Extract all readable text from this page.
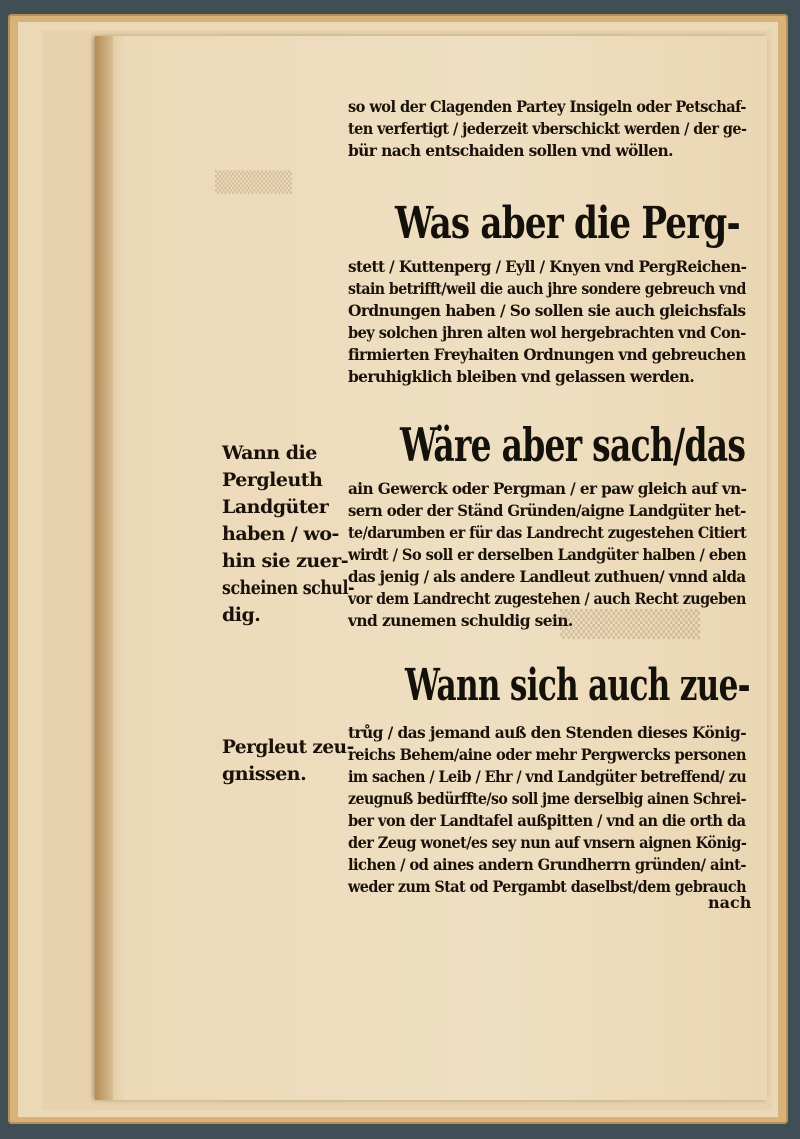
▒▒▒▒▒
▒▒▒▒▒▒▒
so wol der Clagenden Partey Insigeln oder Petschaf-
ten verfertigt / jederzeit vberschickt werden / der ge-
bür nach entschaiden sollen vnd wöllen.
Was aber die Perg-
stett / Kuttenperg / Eyll / Knyen vnd PergReichen-
stain betrifft/weil die auch jhre sondere gebreuch vnd
Ordnungen haben / So sollen sie auch gleichsfals
bey solchen jhren alten wol hergebrachten vnd Con-
firmierten Freyhaiten Ordnungen vnd gebreuchen
beruhigklich bleiben vnd gelassen werden.
Wann die
Pergleuth
Landgüter
haben / wo-
hin sie zuer-
scheinen schul-
dig.
Wäre aber sach/das
ain Gewerck oder Pergman / er paw gleich auf vn-
sern oder der Ständ Gründen/aigne Landgüter het-
te/darumben er für das Landrecht zugestehen Citiert
wirdt / So soll er derselben Landgüter halben / eben
das jenig / als andere Landleut zuthuen/ vnnd alda
vor dem Landrecht zugestehen / auch Recht zugeben
vnd zunemen schuldig sein.
Wann sich auch zue-
Pergleut zeu-
gnissen.
trůg / das jemand auß den Stenden dieses König-
reichs Behem/aine oder mehr Pergwercks personen
im sachen / Leib / Ehr / vnd Landgüter betreffend/ zu
zeugnuß bedürffte/so soll jme derselbig ainen Schrei-
ber von der Landtafel außpitten / vnd an die orth da
der Zeug wonet/es sey nun auf vnsern aignen König-
lichen / od aines andern Grundherrn gründen/ aint-
weder zum Stat od Pergambt daselbst/dem gebrauch
nach
